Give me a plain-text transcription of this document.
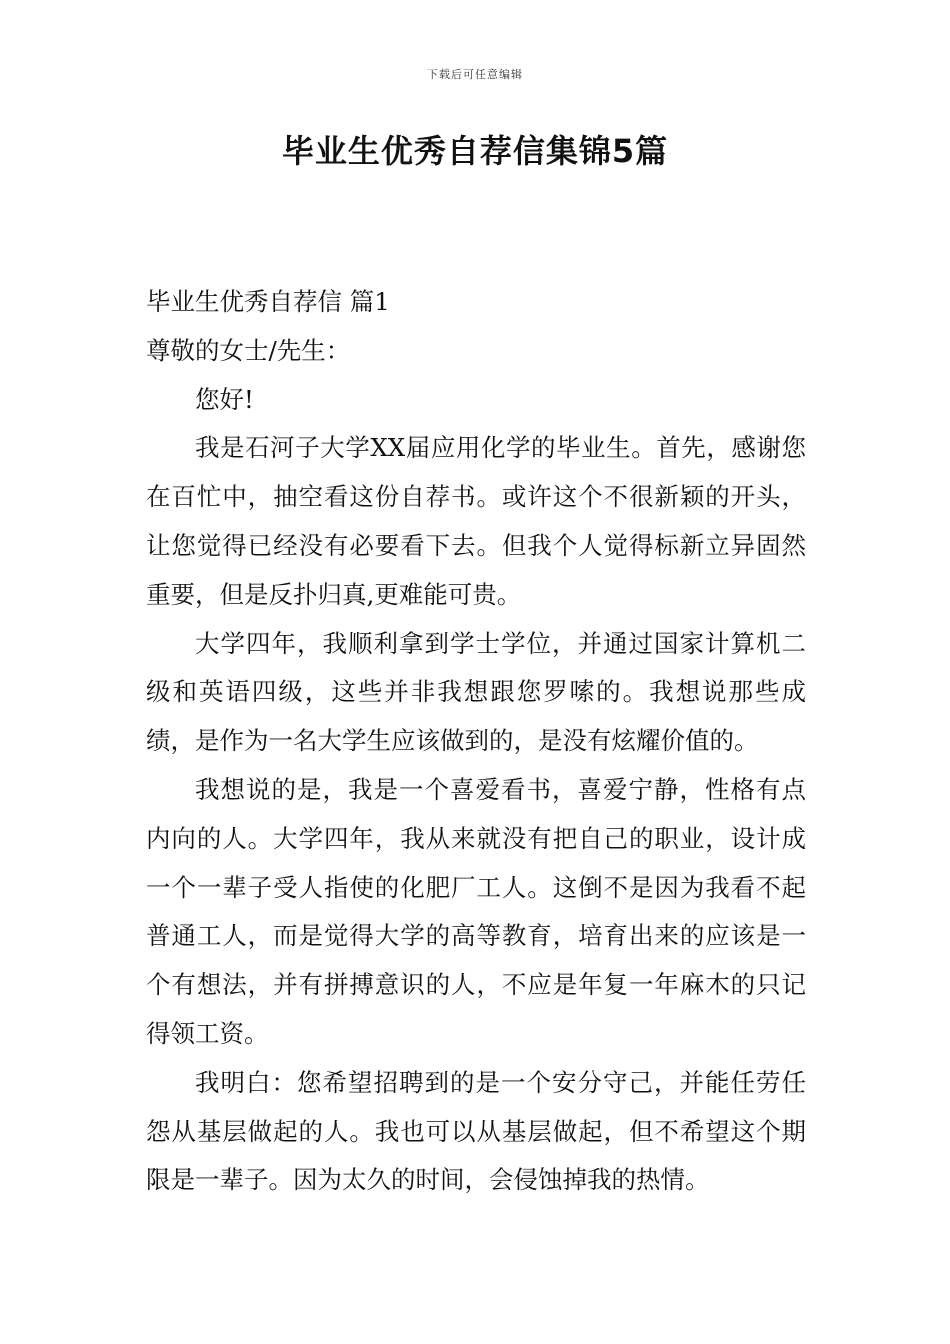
下载后可任意编辑
毕业生优秀自荐信集锦5篇

毕业生优秀自荐信 篇1

尊敬的女士/先生：

您好!

我是石河子大学XX届应用化学的毕业生。首先，感谢您在百忙中，抽空看这份自荐书。或许这个不很新颖的开头，让您觉得已经没有必要看下去。但我个人觉得标新立异固然重要，但是反扑归真,更难能可贵。

大学四年，我顺利拿到学士学位，并通过国家计算机二级和英语四级，这些并非我想跟您罗嗦的。我想说那些成绩，是作为一名大学生应该做到的，是没有炫耀价值的。

我想说的是，我是一个喜爱看书，喜爱宁静，性格有点内向的人。大学四年，我从来就没有把自己的职业，设计成一个一辈子受人指使的化肥厂工人。这倒不是因为我看不起普通工人，而是觉得大学的高等教育，培育出来的应该是一个有想法，并有拼搏意识的人，不应是年复一年麻木的只记得领工资。

我明白：您希望招聘到的是一个安分守己，并能任劳任怨从基层做起的人。我也可以从基层做起，但不希望这个期限是一辈子。因为太久的时间，会侵蚀掉我的热情。
